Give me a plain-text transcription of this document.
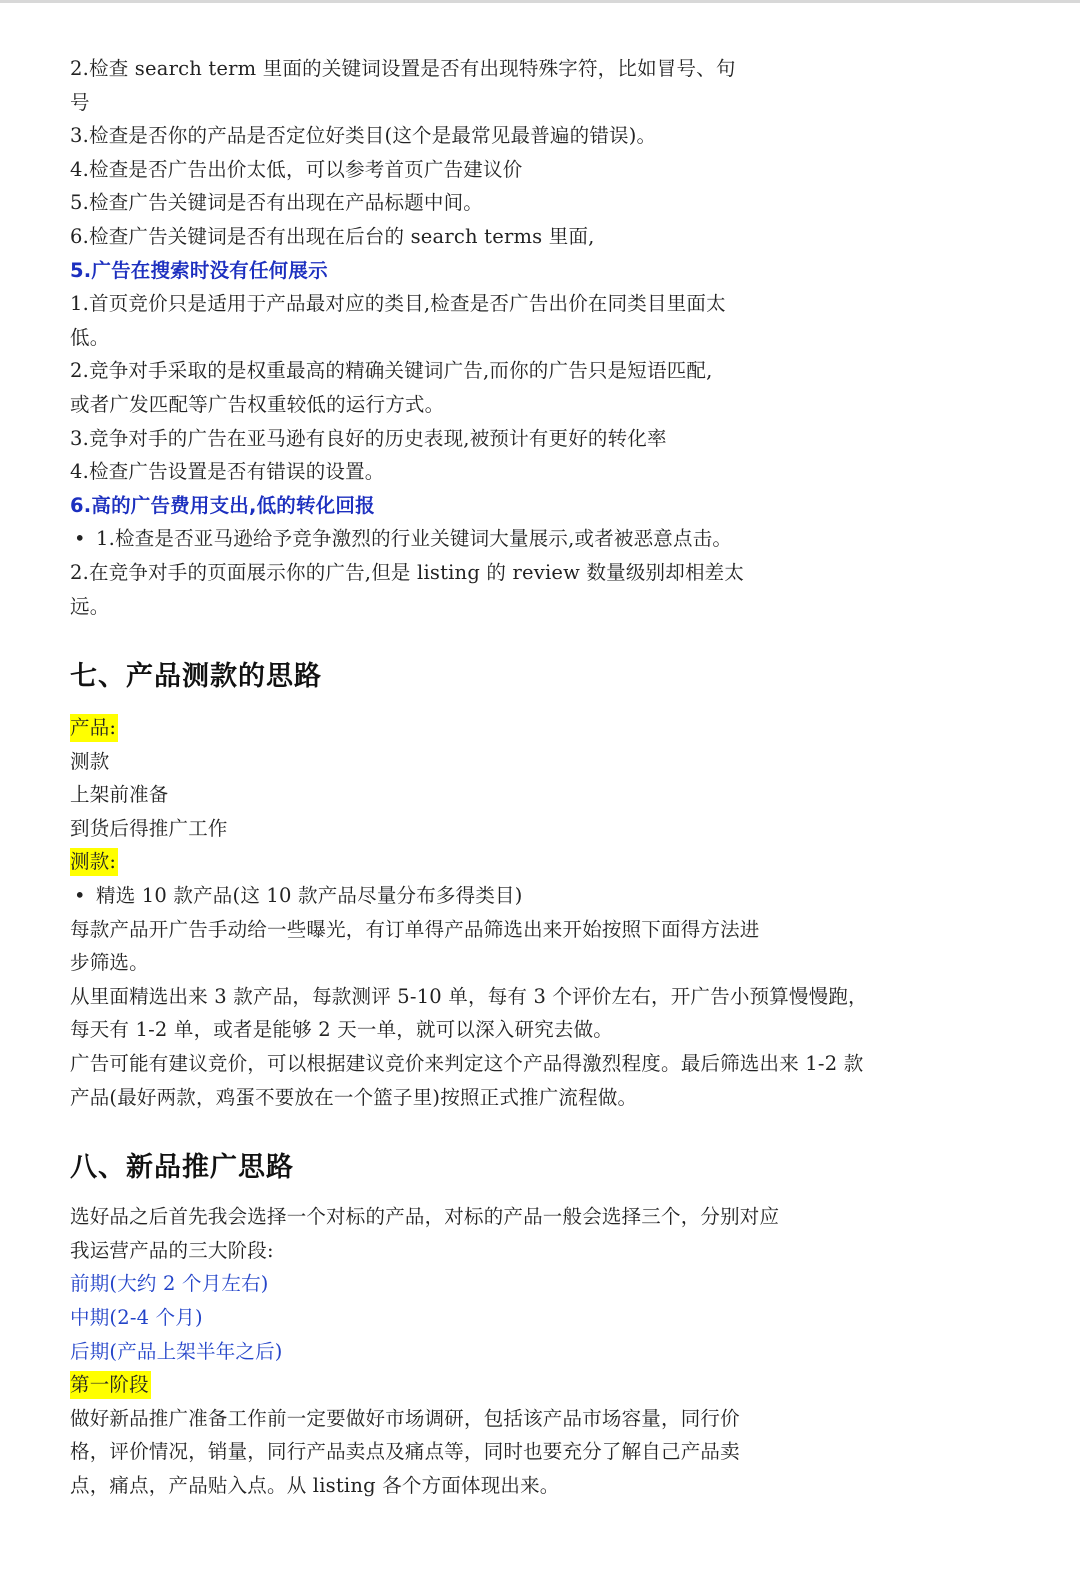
2.检查 search term 里面的关键词设置是否有出现特殊字符，比如冒号、句
号
3.检查是否你的产品是否定位好类目(这个是最常见最普遍的错误)。
4.检查是否广告出价太低，可以参考首页广告建议价
5.检查广告关键词是否有出现在产品标题中间。
6.检查广告关键词是否有出现在后台的 search terms 里面,
5.广告在搜索时没有任何展示
1.首页竞价只是适用于产品最对应的类目,检查是否广告出价在同类目里面太
低。
2.竞争对手采取的是权重最高的精确关键词广告,而你的广告只是短语匹配,
或者广发匹配等广告权重较低的运行方式。
3.竞争对手的广告在亚马逊有良好的历史表现,被预计有更好的转化率
4.检查广告设置是否有错误的设置。
6.高的广告费用支出,低的转化回报
• 1.检查是否亚马逊给予竞争激烈的行业关键词大量展示,或者被恶意点击。
2.在竞争对手的页面展示你的广告,但是 listing 的 review 数量级别却相差太
远。
七、产品测款的思路
产品:
测款
上架前准备
到货后得推广工作
测款:
• 精选 10 款产品(这 10 款产品尽量分布多得类目)
每款产品开广告手动给一些曝光，有订单得产品筛选出来开始按照下面得方法进
步筛选。
从里面精选出来 3 款产品，每款测评 5-10 单，每有 3 个评价左右，开广告小预算慢慢跑，
每天有 1-2 单，或者是能够 2 天一单，就可以深入研究去做。
广告可能有建议竞价，可以根据建议竞价来判定这个产品得激烈程度。最后筛选出来 1-2 款
产品(最好两款，鸡蛋不要放在一个篮子里)按照正式推广流程做。
八、新品推广思路
选好品之后首先我会选择一个对标的产品，对标的产品一般会选择三个，分别对应
我运营产品的三大阶段:
前期(大约 2 个月左右)
中期(2-4 个月)
后期(产品上架半年之后)
第一阶段
做好新品推广准备工作前一定要做好市场调研，包括该产品市场容量，同行价
格，评价情况，销量，同行产品卖点及痛点等，同时也要充分了解自己产品卖
点，痛点，产品贴入点。从 listing 各个方面体现出来。
